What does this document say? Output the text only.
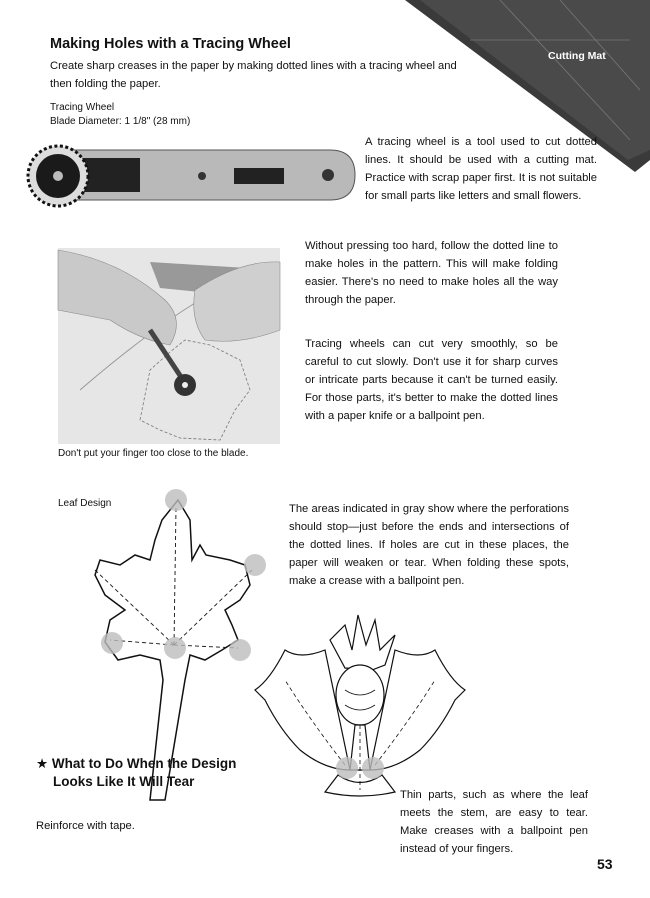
Cutting Mat
Making Holes with a Tracing Wheel
Create sharp creases in the paper by making dotted lines with a tracing wheel and then folding the paper.
Tracing Wheel
Blade Diameter: 1 1/8" (28 mm)
A tracing wheel is a tool used to cut dotted lines. It should be used with a cutting mat. Practice with scrap paper first. It is not suitable for small parts like letters and small flowers.
Without pressing too hard, follow the dotted line to make holes in the pattern. This will make folding easier. There's no need to make holes all the way through the paper.
Tracing wheels can cut very smoothly, so be careful to cut slowly. Don't use it for sharp curves or intricate parts because it can't be turned easily. For those parts, it's better to make the dotted lines with a paper knife or a ballpoint pen.
Don't put your finger too close to the blade.
Leaf Design	The areas indicated in gray show where the perforations should stop—just before the ends and intersections of the dotted lines. If holes are cut in these places, the paper will weaken or tear. When folding these spots, make a crease with a ballpoint pen.
★ What to Do When the Design
Looks Like It Will Tear
Reinforce with tape.
Thin parts, such as where the leaf meets the stem, are easy to tear. Make creases with a ballpoint pen instead of your fingers.
53
